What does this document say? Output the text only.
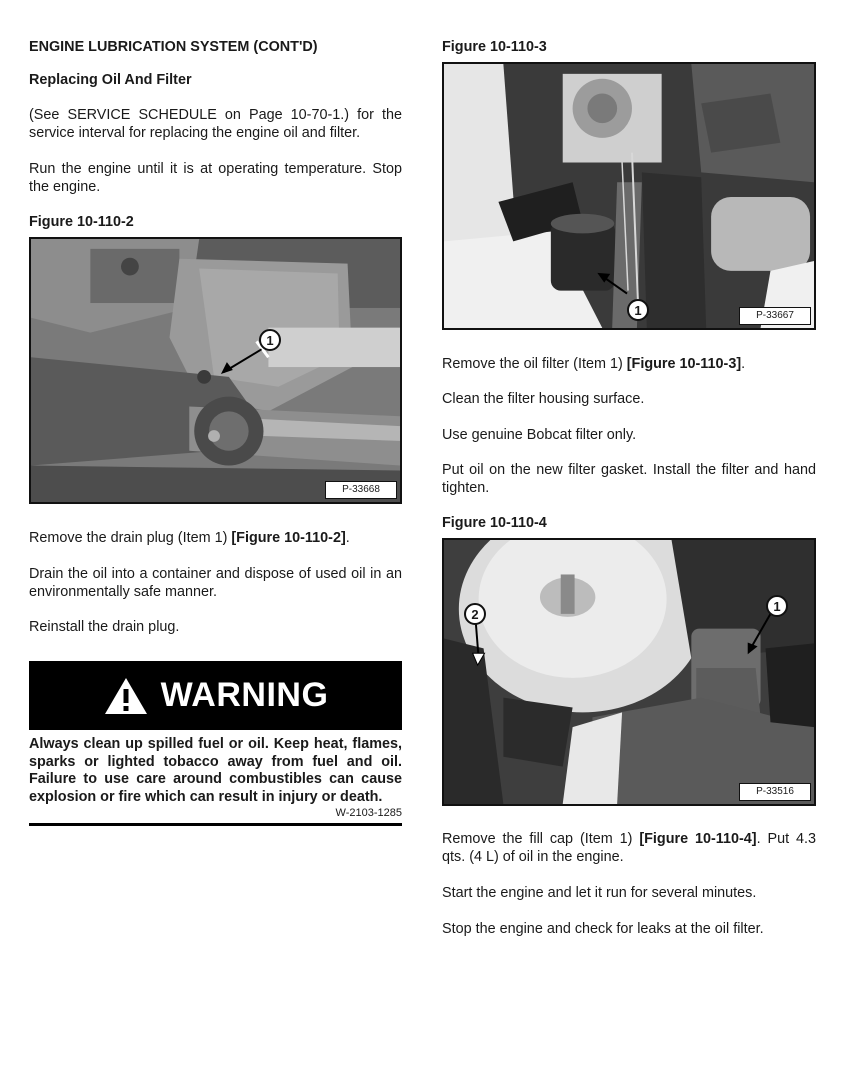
ENGINE LUBRICATION SYSTEM (CONT'D)
Replacing Oil And Filter

(See SERVICE SCHEDULE on Page 10-70-1.) for the service interval for replacing the engine oil and filter.

Run the engine until it is at operating temperature. Stop the engine.

Figure 10-110-2
1
P-33668

Remove the drain plug (Item 1) [Figure 10-110-2].

Drain the oil into a container and dispose of used oil in an environmentally safe manner.

Reinstall the drain plug.

WARNING

Always clean up spilled fuel or oil. Keep heat, flames, sparks or lighted tobacco away from fuel and oil. Failure to use care around combustibles can cause explosion or fire which can result in injury or death.

W-2103-1285
Figure 10-110-3
1	P-33667

Remove the oil filter (Item 1) [Figure 10-110-3].

Clean the filter housing surface.

Use genuine Bobcat filter only.

Put oil on the new filter gasket. Install the filter and hand tighten.

Figure 10-110-4
1
2
P-33516

Remove the fill cap (Item 1) [Figure 10-110-4]. Put 4.3 qts. (4 L) of oil in the engine.

Start the engine and let it run for several minutes.

Stop the engine and check for leaks at the oil filter.
